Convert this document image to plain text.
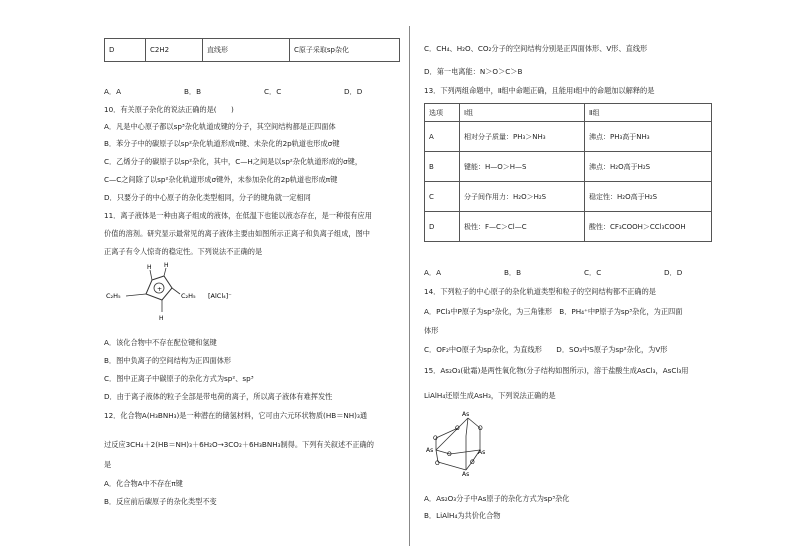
D	C2H2	直线形	C原子采取sp杂化
A．A	B．B	C．C	D．D
10．有关原子杂化的说法正确的是(　　)
A．凡是中心原子都以sp³杂化轨道成键的分子，其空间结构都是正四面体
B．苯分子中的碳原子以sp²杂化轨道形成π键、未杂化的2p轨道也形成σ键
C．乙烯分子的碳原子以sp²杂化，其中，C—H之间是以sp²杂化轨道形成的σ键，
C—C之间除了以sp²杂化轨道形成σ键外，未参加杂化的2p轨道也形成π键
D．只要分子的中心原子的杂化类型相同，分子的键角就一定相同
11．离子液体是一种由离子组成的液体，在低温下也能以液态存在，是一种很有应用
价值的溶剂。研究显示最常见的离子液体主要由如图所示正离子和负离子组成，图中
正离子有令人惊奇的稳定性。下列说法不正确的是
+
H H
H
C₂H₅	C₂H₅ [AlCl₄]⁻
A．该化合物中不存在配位键和氢键
B．图中负离子的空间结构为正四面体形
C．图中正离子中碳原子的杂化方式为sp²、sp³
D．由于离子液体的粒子全部是带电荷的离子，所以离子液体有难挥发性
12．化合物A(H₃BNH₃)是一种潜在的储氢材料，它可由六元环状物质(HB＝NH)₃通
过反应3CH₄＋2(HB＝NH)₃＋6H₂O→3CO₂＋6H₃BNH₃制得。下列有关叙述不正确的
是
A．化合物A中不存在π键
B．反应前后碳原子的杂化类型不变
C．CH₄、H₂O、CO₂分子的空间结构分别是正四面体形、V形、直线形
D．第一电离能：N＞O＞C＞B
13．下列两组命题中，Ⅱ组中命题正确，且能用Ⅰ组中的命题加以解释的是
选项	Ⅰ组	Ⅱ组
A	相对分子质量：PH₃＞NH₃	沸点：PH₃高于NH₃
B	键能：H—O＞H—S	沸点：H₂O高于H₂S
C	分子间作用力：H₂O＞H₂S	稳定性：H₂O高于H₂S
D	极性：F—C＞Cl—C	酸性：CF₃COOH＞CCl₃COOH
A．A	B．B	C．C	D．D
14．下列粒子的中心原子的杂化轨道类型和粒子的空间结构都不正确的是
A．PCl₃中P原子为sp³杂化，为三角锥形　B．PH₄⁺中P原子为sp³杂化，为正四面
体形
C．OF₂中O原子为sp杂化，为直线形　　D．SO₃中S原子为sp²杂化，为V形
15．As₂O₃(砒霜)是两性氧化物(分子结构如图所示)，溶于盐酸生成AsCl₃，AsCl₃用
LiAlH₄还原生成AsH₃，下列说法正确的是
As
As	As
As
O	O
O
O
O	O
A．As₂O₃分子中As原子的杂化方式为sp³杂化
B．LiAlH₄为共价化合物
